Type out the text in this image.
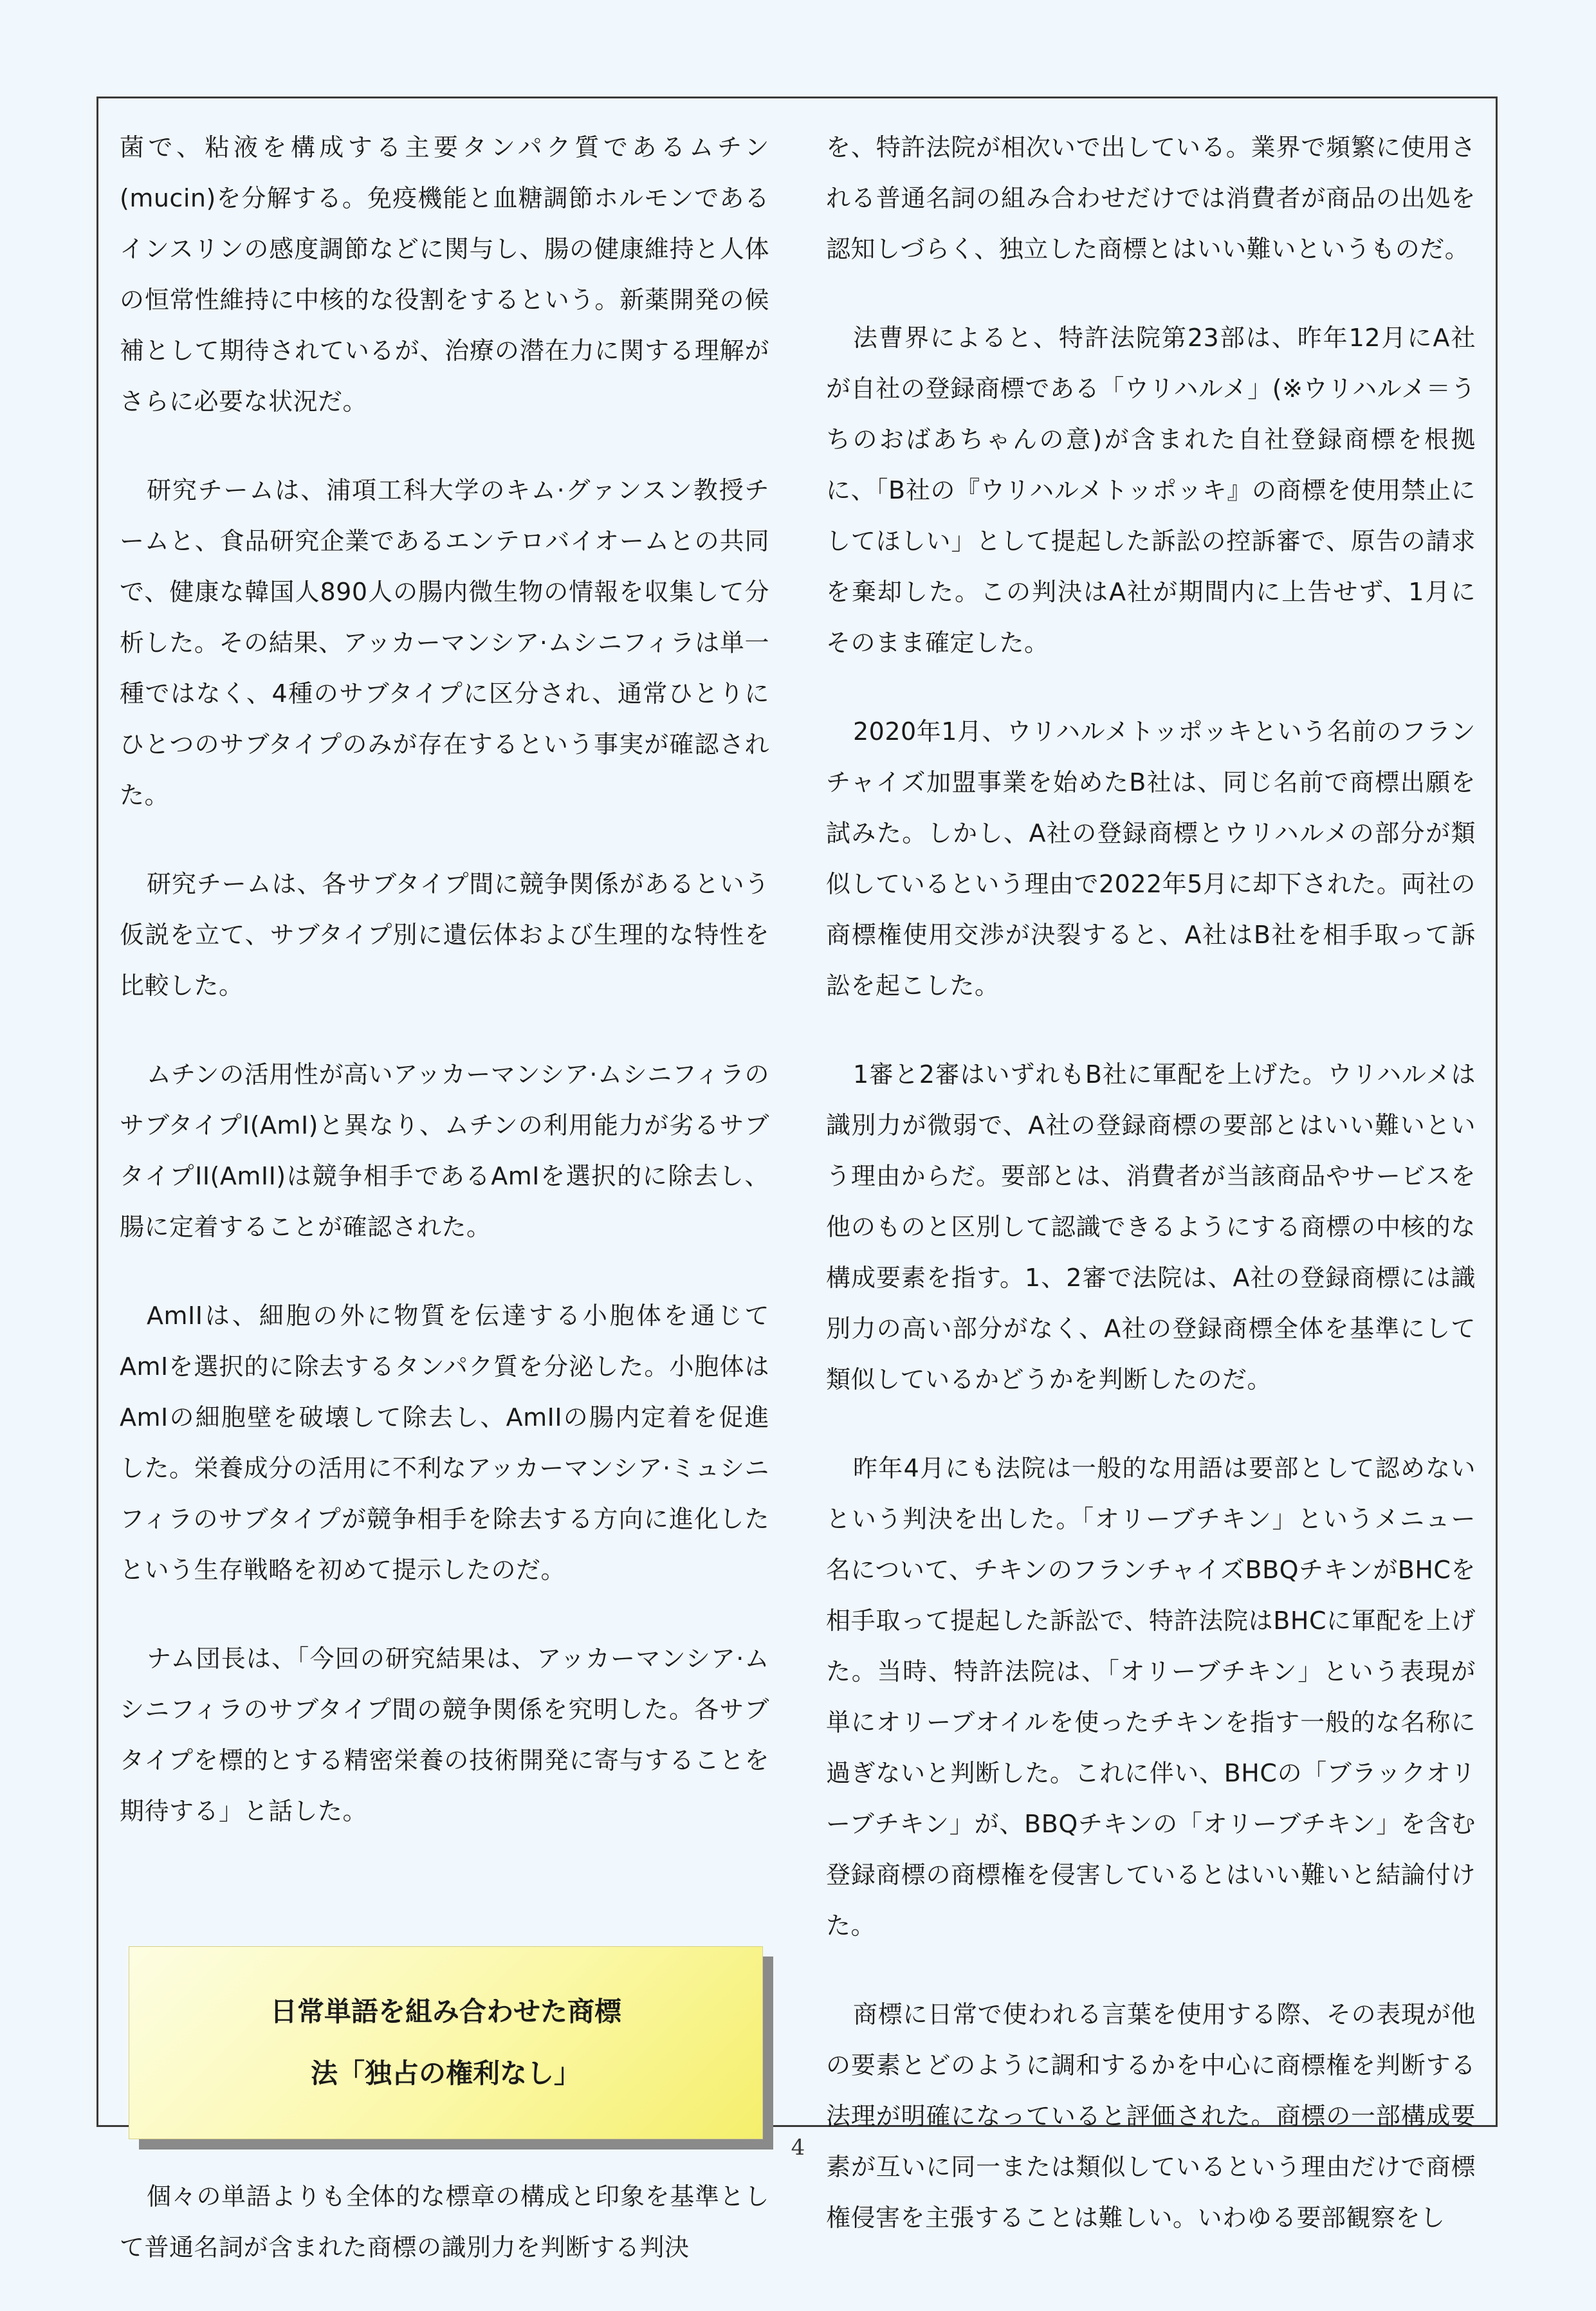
菌で、粘液を構成する主要タンパク質であるムチン(mucin)を分解する。免疫機能と血糖調節ホルモンであるインスリンの感度調節などに関与し、腸の健康維持と人体の恒常性維持に中核的な役割をするという。新薬開発の候補として期待されているが、治療の潜在力に関する理解がさらに必要な状況だ。

研究チームは、浦項工科大学のキム·グァンスン教授チームと、食品研究企業であるエンテロバイオームとの共同で、健康な韓国人890人の腸内微生物の情報を収集して分析した。その結果、アッカーマンシア·ムシニフィラは単一種ではなく、4種のサブタイプに区分され、通常ひとりにひとつのサブタイプのみが存在するという事実が確認された。

研究チームは、各サブタイプ間に競争関係があるという仮説を立て、サブタイプ別に遺伝体および生理的な特性を比較した。

ムチンの活用性が高いアッカーマンシア·ムシニフィラのサブタイプI(AmI)と異なり、ムチンの利用能力が劣るサブタイプII(AmII)は競争相手であるAmIを選択的に除去し、腸に定着することが確認された。

AmIIは、細胞の外に物質を伝達する小胞体を通じてAmIを選択的に除去するタンパク質を分泌した。小胞体はAmIの細胞壁を破壊して除去し、AmIIの腸内定着を促進した。栄養成分の活用に不利なアッカーマンシア·ミュシニフィラのサブタイプが競争相手を除去する方向に進化したという生存戦略を初めて提示したのだ。

ナム団長は、「今回の研究結果は、アッカーマンシア·ムシニフィラのサブタイプ間の競争関係を究明した。各サブタイプを標的とする精密栄養の技術開発に寄与することを期待する」と話した。

日常単語を組み合わせた商標
法「独占の権利なし」

個々の単語よりも全体的な標章の構成と印象を基準として普通名詞が含まれた商標の識別力を判断する判決

を、特許法院が相次いで出している。業界で頻繁に使用される普通名詞の組み合わせだけでは消費者が商品の出処を認知しづらく、独立した商標とはいい難いというものだ。

法曹界によると、特許法院第23部は、昨年12月にA社が自社の登録商標である「ウリハルメ」(※ウリハルメ＝うちのおばあちゃんの意)が含まれた自社登録商標を根拠に、「B社の『ウリハルメトッポッキ』の商標を使用禁止にしてほしい」として提起した訴訟の控訴審で、原告の請求を棄却した。この判決はA社が期間内に上告せず、1月にそのまま確定した。

2020年1月、ウリハルメトッポッキという名前のフランチャイズ加盟事業を始めたB社は、同じ名前で商標出願を試みた。しかし、A社の登録商標とウリハルメの部分が類似しているという理由で2022年5月に却下された。両社の商標権使用交渉が決裂すると、A社はB社を相手取って訴訟を起こした。

1審と2審はいずれもB社に軍配を上げた。ウリハルメは識別力が微弱で、A社の登録商標の要部とはいい難いという理由からだ。要部とは、消費者が当該商品やサービスを他のものと区別して認識できるようにする商標の中核的な構成要素を指す。1、2審で法院は、A社の登録商標には識別力の高い部分がなく、A社の登録商標全体を基準にして類似しているかどうかを判断したのだ。

昨年4月にも法院は一般的な用語は要部として認めないという判決を出した。「オリーブチキン」というメニュー名について、チキンのフランチャイズBBQチキンがBHCを相手取って提起した訴訟で、特許法院はBHCに軍配を上げた。当時、特許法院は、「オリーブチキン」という表現が単にオリーブオイルを使ったチキンを指す一般的な名称に過ぎないと判断した。これに伴い、BHCの「ブラックオリーブチキン」が、BBQチキンの「オリーブチキン」を含む登録商標の商標権を侵害しているとはいい難いと結論付けた。

商標に日常で使われる言葉を使用する際、その表現が他の要素とどのように調和するかを中心に商標権を判断する法理が明確になっていると評価された。商標の一部構成要素が互いに同一または類似しているという理由だけで商標権侵害を主張することは難しい。いわゆる要部観察をし

4
